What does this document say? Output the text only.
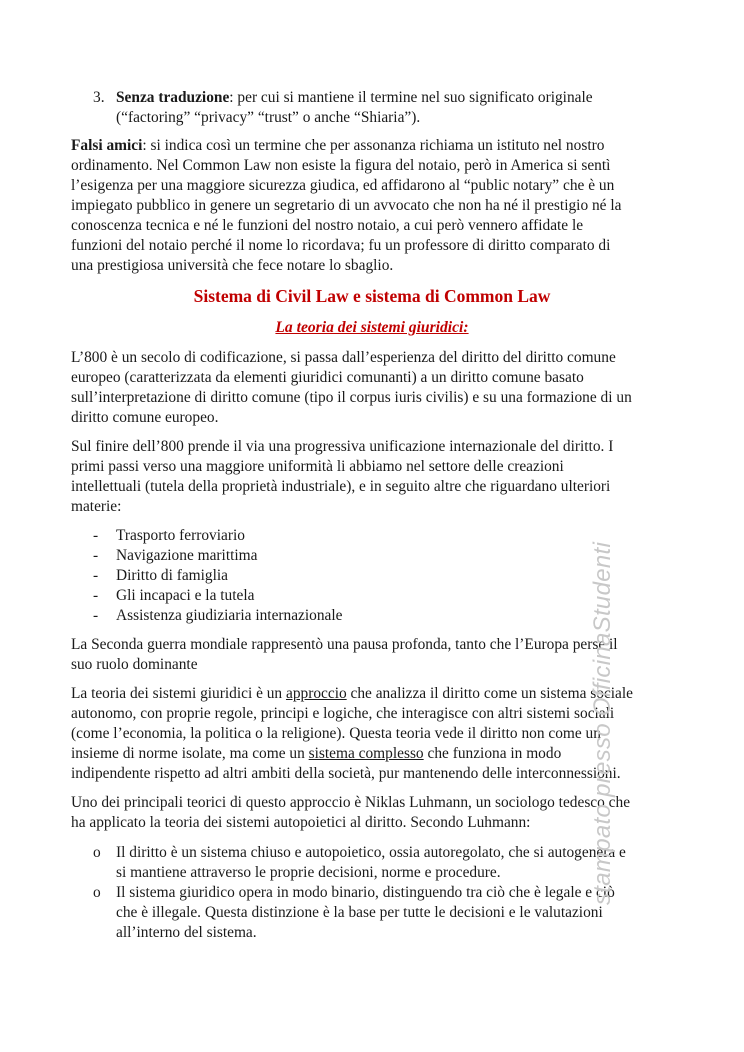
3. Senza traduzione: per cui si mantiene il termine nel suo significato originale
(“factoring” “privacy” “trust” o anche “Shiaria”).

Falsi amici: si indica così un termine che per assonanza richiama un istituto nel nostro

ordinamento. Nel Common Law non esiste la figura del notaio, però in America si sentì

l’esigenza per una maggiore sicurezza giudica, ed affidarono al “public notary” che è un

impiegato pubblico in genere un segretario di un avvocato che non ha né il prestigio né la

conoscenza tecnica e né le funzioni del nostro notaio, a cui però vennero affidate le

funzioni del notaio perché il nome lo ricordava; fu un professore di diritto comparato di

una prestigiosa università che fece notare lo sbaglio.

Sistema di Civil Law e sistema di Common Law
La teoria dei sistemi giuridici:

L’800 è un secolo di codificazione, si passa dall’esperienza del diritto del diritto comune

europeo (caratterizzata da elementi giuridici comunanti) a un diritto comune basato

sull’interpretazione di diritto comune (tipo il corpus iuris civilis) e su una formazione di un

diritto comune europeo.

Sul finire dell’800 prende il via una progressiva unificazione internazionale del diritto. I

primi passi verso una maggiore uniformità li abbiamo nel settore delle creazioni

intellettuali (tutela della proprietà industriale), e in seguito altre che riguardano ulteriori

materie:

- Trasporto ferroviario
- Navigazione marittima
- Diritto di famiglia
- Gli incapaci e la tutela
- Assistenza giudiziaria internazionale

La Seconda guerra mondiale rappresentò una pausa profonda, tanto che l’Europa perse il

suo ruolo dominante

La teoria dei sistemi giuridici è un approccio che analizza il diritto come un sistema sociale

autonomo, con proprie regole, principi e logiche, che interagisce con altri sistemi sociali

(come l’economia, la politica o la religione). Questa teoria vede il diritto non come un

insieme di norme isolate, ma come un sistema complesso che funziona in modo

indipendente rispetto ad altri ambiti della società, pur mantenendo delle interconnessioni.

Uno dei principali teorici di questo approccio è Niklas Luhmann, un sociologo tedesco che

ha applicato la teoria dei sistemi autopoietici al diritto. Secondo Luhmann:

o Il diritto è un sistema chiuso e autopoietico, ossia autoregolato, che si autogenera e
si mantiene attraverso le proprie decisioni, norme e procedure.
o Il sistema giuridico opera in modo binario, distinguendo tra ciò che è legale e ciò
che è illegale. Questa distinzione è la base per tutte le decisioni e le valutazioni
all’interno del sistema.
stampato presso OfficinaStudenti
